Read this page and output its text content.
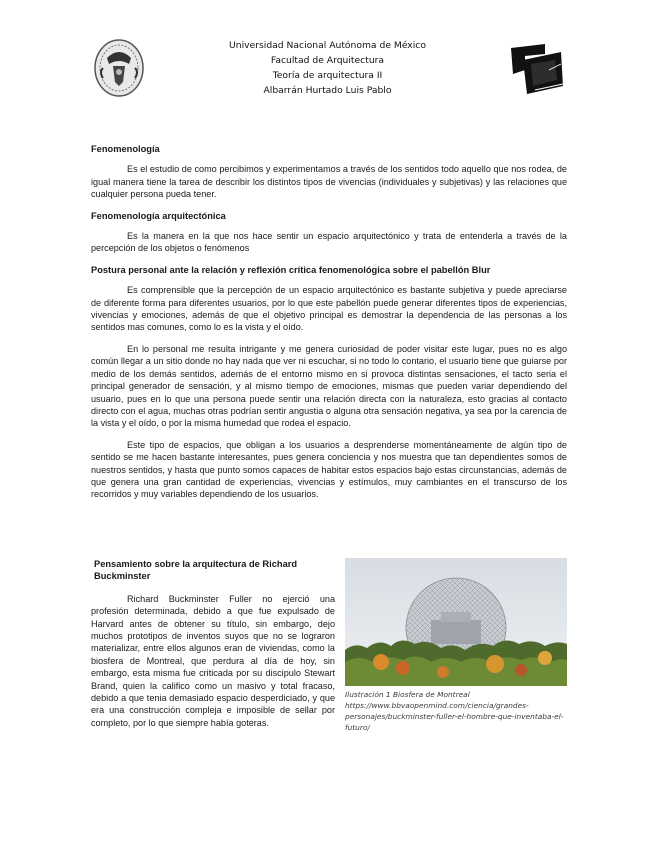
Universidad Nacional Autónoma de México
Facultad de Arquitectura
Teoría de arquitectura II
Albarrán Hurtado Luis Pablo
Fenomenología

Es el estudio de como percibimos y experimentamos a través de los sentidos todo aquello que nos rodea, de igual manera tiene la tarea de describir los distintos tipos de vivencias (individuales y subjetivas) y las relaciones que cualquier persona pueda tener.

Fenomenología arquitectónica

Es la manera en la que nos hace sentir un espacio arquitectónico y trata de entenderla a través de la percepción de los objetos o fenómenos

Postura personal ante la relación y reflexión crítica fenomenológica sobre el pabellón Blur

Es comprensible que la percepción de un espacio arquitectónico es bastante subjetiva y puede apreciarse de diferente forma para diferentes usuarios, por lo que este pabellón puede generar diferentes tipos de experiencias, vivencias y emociones, además de que el objetivo principal es demostrar la dependencia de las personas a los sentidos mas comunes, como lo es la vista y el oído.

En lo personal me resulta intrigante y me genera curiosidad de poder visitar este lugar, pues no es algo común llegar a un sitio donde no hay nada que ver ni escuchar, si no todo lo contario, el usuario tiene que guiarse por medio de los demás sentidos, además de el entorno mismo en si provoca distintas sensaciones, el tacto seria el principal generador de sensación, y al mismo tiempo de emociones, mismas que pueden variar dependiendo del usuario, pues en lo que una persona puede sentir una relación directa con la naturaleza, esto gracias al contacto directo con el agua, muchas otras podrían sentir angustia o alguna otra sensación negativa, ya sea por la carencia de la vista y el oído, o por la misma humedad que rodea el espacio.

Este tipo de espacios, que obligan a los usuarios a desprenderse momentáneamente de algún tipo de sentido se me hacen bastante interesantes, pues genera conciencia y nos muestra que tan dependientes somos de nuestros sentidos, y hasta que punto somos capaces de habitar estos espacios bajo estas circunstancias, además de que genera una gran cantidad de experiencias, vivencias y estímulos, muy cambiantes en el transcurso de los recorridos y muy variables dependiendo de los usuarios.

Pensamiento sobre la arquitectura de Richard Buckminster

Richard Buckminster Fuller no ejerció una profesión determinada, debido a que fue expulsado de Harvard antes de obtener su título, sin embargo, dejo muchos prototipos de inventos suyos que no se lograron materializar, entre ellos algunos eran de viviendas, como la biosfera de Montreal, que perdura al día de hoy, sin embargo, esta misma fue criticada por su discipulo Stewart Brand, quien la califico como un masivo y total fracaso, debido a que tenia demasiado espacio desperdiciado, y que era una construcción compleja e imposible de sellar por completo, por lo que siempre había goteras.

Ilustración 1 Biosfera de Montreal https://www.bbvaopenmind.com/ciencia/grandes-personajes/buckminster-fuller-el-hombre-que-inventaba-el-futuro/
